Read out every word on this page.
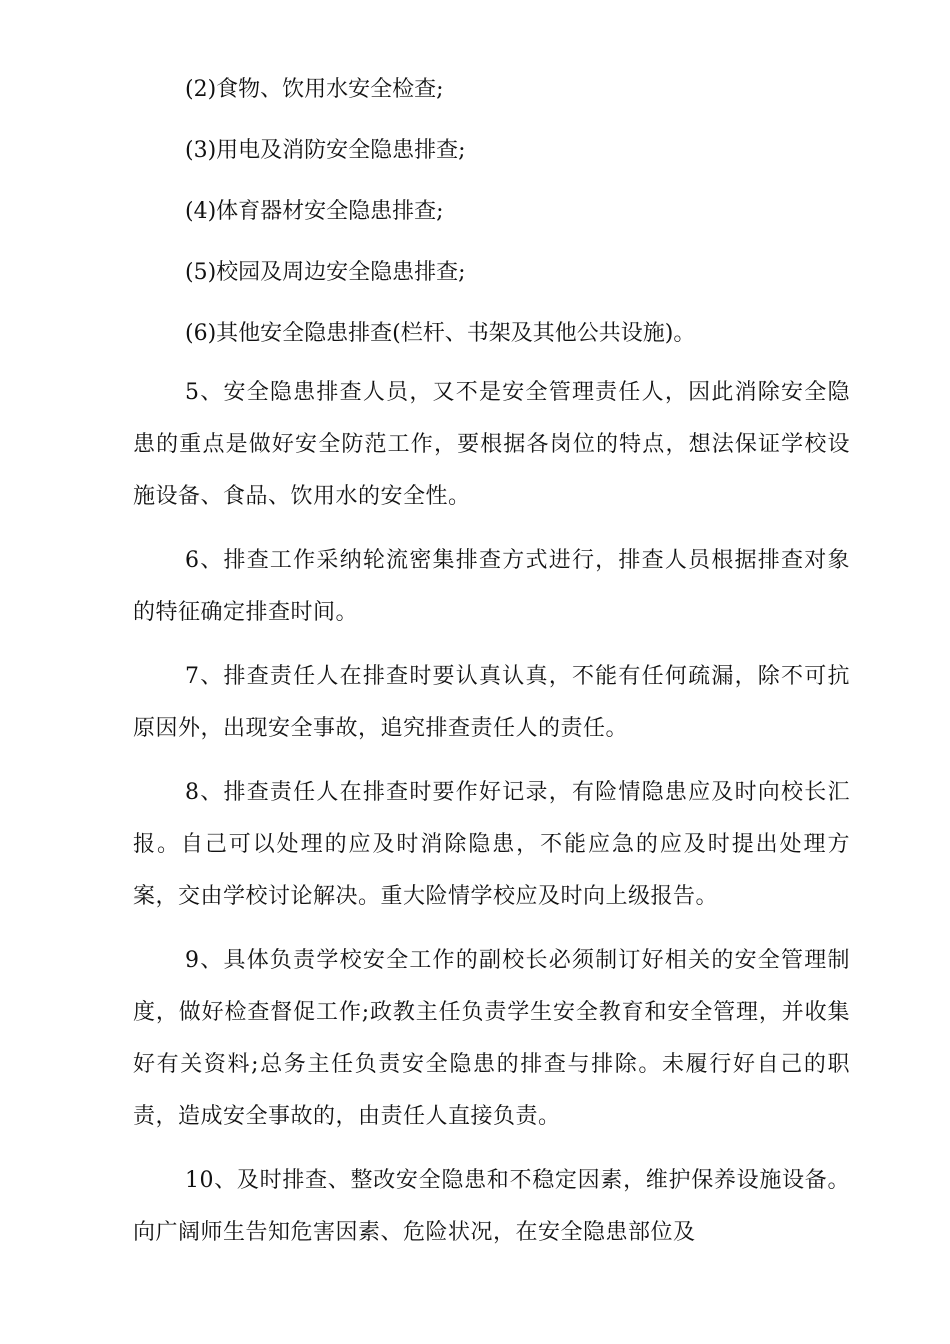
(2)食物、饮用水安全检查;
(3)用电及消防安全隐患排查;
(4)体育器材安全隐患排查;
(5)校园及周边安全隐患排查;
(6)其他安全隐患排查(栏杆、书架及其他公共设施)。

5、安全隐患排查人员，又不是安全管理责任人，因此消除安全隐患的重点是做好安全防范工作，要根据各岗位的特点，想法保证学校设施设备、食品、饮用水的安全性。

6、排查工作采纳轮流密集排查方式进行，排查人员根据排查对象的特征确定排查时间。

7、排查责任人在排查时要认真认真，不能有任何疏漏，除不可抗原因外，出现安全事故，追究排查责任人的责任。

8、排查责任人在排查时要作好记录，有险情隐患应及时向校长汇报。自己可以处理的应及时消除隐患，不能应急的应及时提出处理方案，交由学校讨论解决。重大险情学校应及时向上级报告。

9、具体负责学校安全工作的副校长必须制订好相关的安全管理制度，做好检查督促工作;政教主任负责学生安全教育和安全管理，并收集好有关资料;总务主任负责安全隐患的排查与排除。未履行好自己的职责，造成安全事故的，由责任人直接负责。

10、及时排查、整改安全隐患和不稳定因素，维护保养设施设备。向广阔师生告知危害因素、危险状况，在安全隐患部位及
